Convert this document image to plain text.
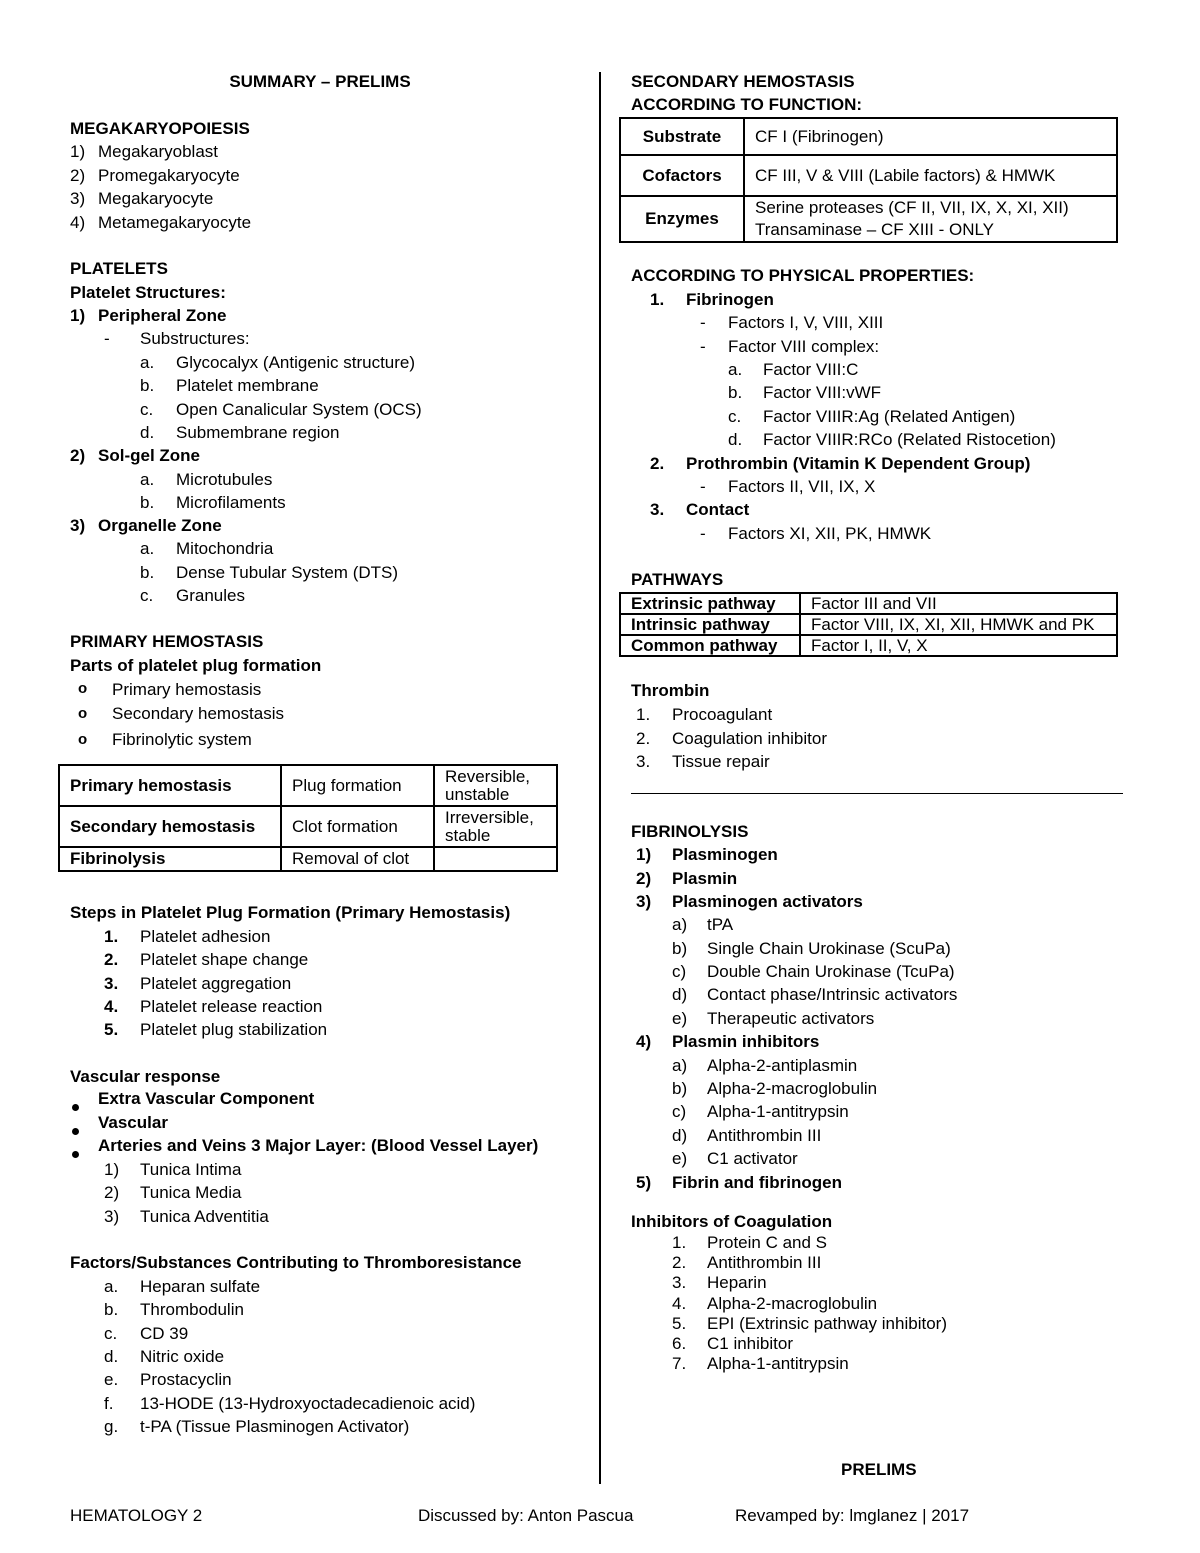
SUMMARY – PRELIMS
MEGAKARYOPOIESIS
1) Megakaryoblast
2) Promegakaryocyte
3) Megakaryocyte
4) Metamegakaryocyte
PLATELETS
Platelet Structures:
1) Peripheral Zone
- Substructures:
a. Glycocalyx (Antigenic structure)
b. Platelet membrane
c. Open Canalicular System (OCS)
d. Submembrane region
2) Sol-gel Zone
a. Microtubules
b. Microfilaments
3) Organelle Zone
a. Mitochondria
b. Dense Tubular System (DTS)
c. Granules
PRIMARY HEMOSTASIS
Parts of platelet plug formation
o Primary hemostasis
o Secondary hemostasis
o Fibrinolytic system
Primary hemostasis	Plug formation	Reversible,
unstable
Secondary hemostasis	Clot formation	Irreversible,
stable
Fibrinolysis	Removal of clot	
Steps in Platelet Plug Formation (Primary Hemostasis)
1. Platelet adhesion
2. Platelet shape change
3. Platelet aggregation
4. Platelet release reaction
5. Platelet plug stabilization
Vascular response
Extra Vascular Component
Vascular
Arteries and Veins 3 Major Layer: (Blood Vessel Layer)
1) Tunica Intima
2) Tunica Media
3) Tunica Adventitia
Factors/Substances Contributing to Thromboresistance
a. Heparan sulfate
b. Thrombodulin
c. CD 39
d. Nitric oxide
e. Prostacyclin
f. 13-HODE (13-Hydroxyoctadecadienoic acid)
g. t-PA (Tissue Plasminogen Activator)
SECONDARY HEMOSTASIS
ACCORDING TO FUNCTION:
Substrate	CF I (Fibrinogen)
Cofactors	CF III, V & VIII (Labile factors) & HMWK
Enzymes	Serine proteases (CF II, VII, IX, X, XI, XII)
Transaminase – CF XIII - ONLY
ACCORDING TO PHYSICAL PROPERTIES:
1. Fibrinogen
- Factors I, V, VIII, XIII
- Factor VIII complex:
a. Factor VIII:C
b. Factor VIII:vWF
c. Factor VIIIR:Ag (Related Antigen)
d. Factor VIIIR:RCo (Related Ristocetion)
2. Prothrombin (Vitamin K Dependent Group)
- Factors II, VII, IX, X
3. Contact
- Factors XI, XII, PK, HMWK
PATHWAYS
Extrinsic pathway	Factor III and VII
Intrinsic pathway	Factor VIII, IX, XI, XII, HMWK and PK
Common pathway	Factor I, II, V, X
Thrombin
1. Procoagulant
2. Coagulation inhibitor
3. Tissue repair
FIBRINOLYSIS
1) Plasminogen
2) Plasmin
3) Plasminogen activators
a) tPA
b) Single Chain Urokinase (ScuPa)
c) Double Chain Urokinase (TcuPa)
d) Contact phase/Intrinsic activators
e) Therapeutic activators
4) Plasmin inhibitors
a) Alpha-2-antiplasmin
b) Alpha-2-macroglobulin
c) Alpha-1-antitrypsin
d) Antithrombin III
e) C1 activator
5) Fibrin and fibrinogen
Inhibitors of Coagulation
1. Protein C and S
2. Antithrombin III
3. Heparin
4. Alpha-2-macroglobulin
5. EPI (Extrinsic pathway inhibitor)
6. C1 inhibitor
7. Alpha-1-antitrypsin
PRELIMS
HEMATOLOGY 2	Discussed by: Anton Pascua	Revamped by: lmglanez | 2017
